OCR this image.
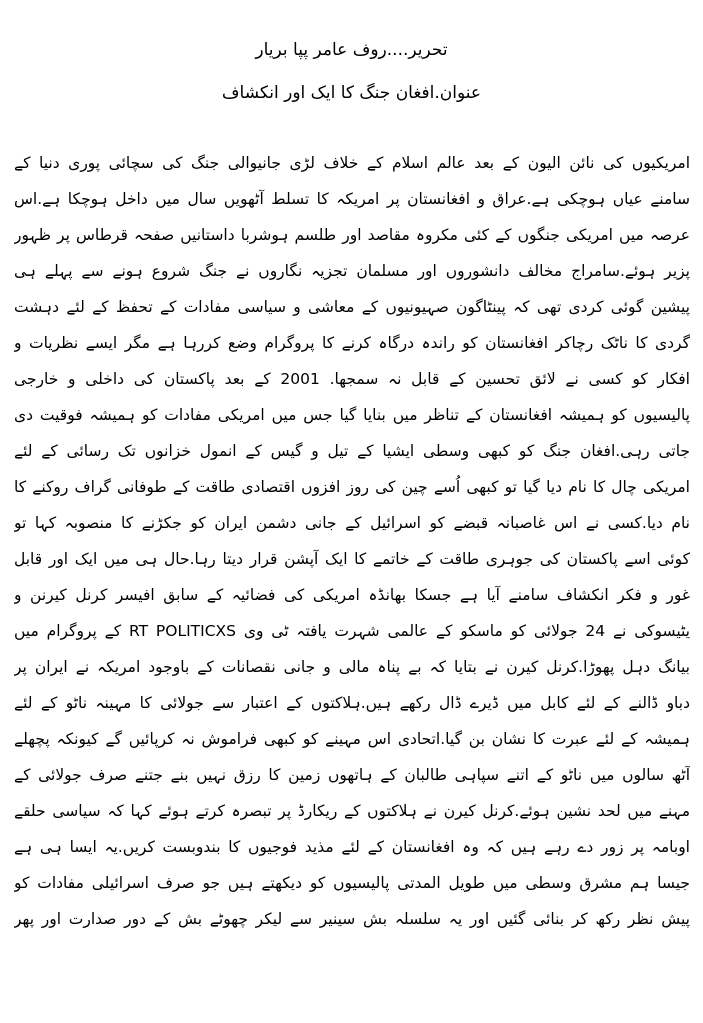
تحریر....روف عامر پپا بریار
عنوان.افغان جنگ کا ایک اور انکشاف
امریکیوں کی نائن الیون کے بعد عالم اسلام کے خلاف لڑی جانیوالی جنگ کی سچائی پوری دنیا کے
سامنے عیاں ہوچکی ہے.عراق و افغانستان پر امریکہ کا تسلط آٹھویں سال میں داخل ہوچکا ہے.اس
عرصہ میں امریکی جنگوں کے کئی مکروہ مقاصد اور طلسم ہوشربا داستانیں صفحہ قرطاس پر ظہور
پزیر ہوئے.سامراج مخالف دانشوروں اور مسلمان تجزیہ نگاروں نے جنگ شروع ہونے سے پہلے ہی
پیشین گوئی کردی تھی کہ پینٹاگون صہیونیوں کے معاشی و سیاسی مفادات کے تحفظ کے لئے دہشت
گردی کا ناٹک رچاکر افغانستان کو راندہ درگاہ کرنے کا پروگرام وضع کررہا ہے مگر ایسے نظریات و
افکار کو کسی نے لائق تحسین کے قابل نہ سمجھا. 2001 کے بعد پاکستان کی داخلی و خارجی
پالیسیوں کو ہمیشہ افغانستان کے تناظر میں بنایا گیا جس میں امریکی مفادات کو ہمیشہ فوقیت دی
جاتی رہی.افغان جنگ کو کبھی وسطی ایشیا کے تیل و گیس کے انمول خزانوں تک رسائی کے لئے
امریکی چال کا نام دیا گیا تو کبھی اُسے چین کی روز افزوں اقتصادی طاقت کے طوفانی گراف روکنے کا
نام دیا.کسی نے اس غاصبانہ قبضے کو اسرائیل کے جانی دشمن ایران کو جکڑنے کا منصوبہ کہا تو
کوئی اسے پاکستان کی جوہری طاقت کے خاتمے کا ایک آپشن قرار دیتا رہا.حال ہی میں ایک اور قابل
غور و فکر انکشاف سامنے آیا ہے جسکا بھانڈہ امریکی کی فضائیہ کے سابق افیسر کرنل کیرنن و
یٹیسوکی نے 24 جولائی کو ماسکو کے عالمی شہرت یافتہ ٹی وی RT POLITICXS کے پروگرام میں
بیانگ دہل پھوڑا.کرنل کیرن نے بتایا کہ بے پناہ مالی و جانی نقصانات کے باوجود امریکہ نے ایران پر
دباو ڈالنے کے لئے کابل میں ڈیرے ڈال رکھے ہیں.ہلاکتوں کے اعتبار سے جولائی کا مہینہ ناٹو کے لئے
ہمیشہ کے لئے عبرت کا نشان بن گیا.اتحادی اس مہینے کو کبھی فراموش نہ کرپائیں گے کیونکہ پچھلے
آٹھ سالوں میں ناٹو کے اتنے سپاہی طالبان کے ہاتھوں زمین کا رزق نہیں بنے جتنے صرف جولائی کے
مہنے میں لحد نشین ہوئے.کرنل کیرن نے ہلاکتوں کے ریکارڈ پر تبصرہ کرتے ہوئے کہا کہ سیاسی حلقے
اوبامہ پر زور دے رہے ہیں کہ وہ افغانستان کے لئے مذید فوجیوں کا بندوبست کریں.یہ ایسا ہی ہے
جیسا ہم مشرق وسطی میں طویل المدتی پالیسیوں کو دیکھتے ہیں جو صرف اسرائیلی مفادات کو
پیش نظر رکھ کر بنائی گئیں اور یہ سلسلہ بش سینیر سے لیکر چھوٹے بش کے دور صدارت اور پھر
